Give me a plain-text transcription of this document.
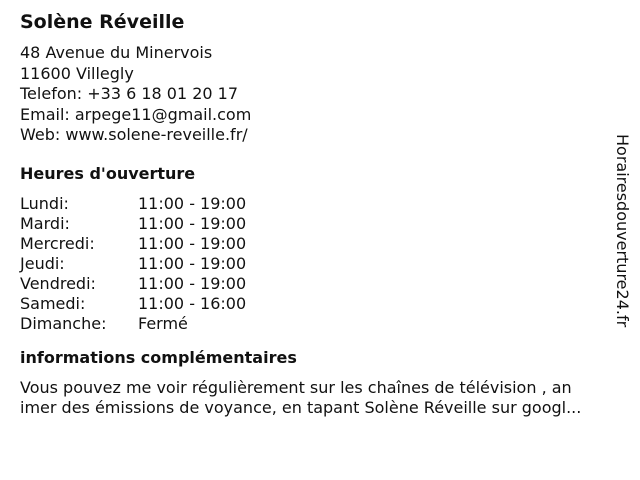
Solène Réveille
48 Avenue du Minervois
11600 Villegly
Telefon: +33 6 18 01 20 17
Email: arpege11@gmail.com
Web: www.solene-reveille.fr/
Heures d'ouverture
Lundi:	11:00 - 19:00
Mardi:	11:00 - 19:00
Mercredi:	11:00 - 19:00
Jeudi:	11:00 - 19:00
Vendredi:	11:00 - 19:00
Samedi:	11:00 - 16:00
Dimanche:	Fermé
informations complémentaires
Vous pouvez me voir régulièrement sur les chaînes de télévision , an
imer des émissions de voyance, en tapant Solène Réveille sur googl...
Horairesdouverture24.fr
